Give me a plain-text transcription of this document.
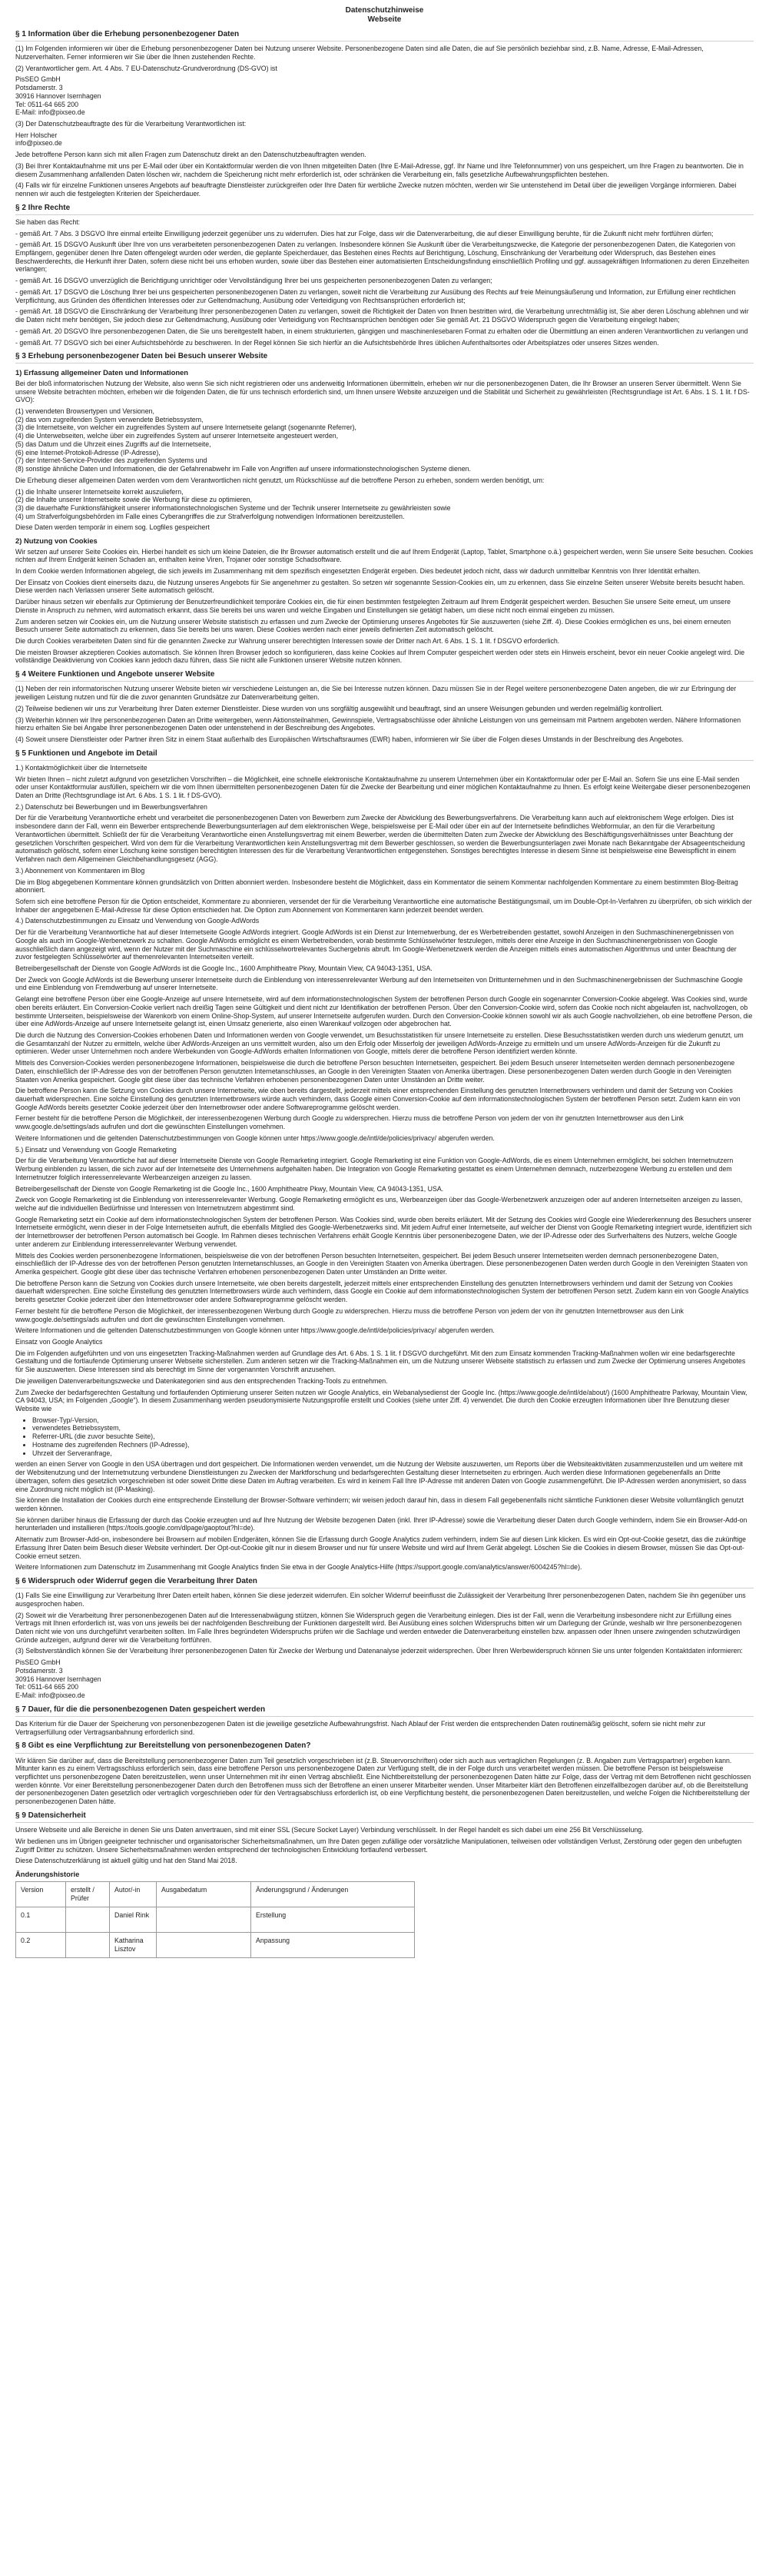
Datenschutzhinweise
Webseite
§ 1 Information über die Erhebung personenbezogener Daten

(1) Im Folgenden informieren wir über die Erhebung personenbezogener Daten bei Nutzung unserer Website. Personenbezogene Daten sind alle Daten, die auf Sie persönlich beziehbar sind, z.B. Name, Adresse, E-Mail-Adressen, Nutzerverhalten. Ferner informieren wir Sie über die Ihnen zustehenden Rechte.

(2) Verantwortlicher gem. Art. 4 Abs. 7 EU-Datenschutz-Grundverordnung (DS-GVO) ist

PisSEO GmbH

Potsdamerstr. 3

30916 Hannover Isernhagen

Tel: 0511-64 665 200

E-Mail: info@pixseo.de

(3) Der Datenschutzbeauftragte des für die Verarbeitung Verantwortlichen ist:

Herr Holscher

info@pixseo.de

Jede betroffene Person kann sich mit allen Fragen zum Datenschutz direkt an den Datenschutzbeauftragten wenden.

(3) Bei Ihrer Kontaktaufnahme mit uns per E-Mail oder über ein Kontaktformular werden die von Ihnen mitgeteilten Daten (Ihre E-Mail-Adresse, ggf. Ihr Name und Ihre Telefonnummer) von uns gespeichert, um Ihre Fragen zu beantworten. Die in diesem Zusammenhang anfallenden Daten löschen wir, nachdem die Speicherung nicht mehr erforderlich ist, oder schränken die Verarbeitung ein, falls gesetzliche Aufbewahrungspflichten bestehen.

(4) Falls wir für einzelne Funktionen unseres Angebots auf beauftragte Dienstleister zurückgreifen oder Ihre Daten für werbliche Zwecke nutzen möchten, werden wir Sie untenstehend im Detail über die jeweiligen Vorgänge informieren. Dabei nennen wir auch die festgelegten Kriterien der Speicherdauer.

§ 2 Ihre Rechte

Sie haben das Recht:

- gemäß Art. 7 Abs. 3 DSGVO Ihre einmal erteilte Einwilligung jederzeit gegenüber uns zu widerrufen. Dies hat zur Folge, dass wir die Datenverarbeitung, die auf dieser Einwilligung beruhte, für die Zukunft nicht mehr fortführen dürfen;

- gemäß Art. 15 DSGVO Auskunft über Ihre von uns verarbeiteten personenbezogenen Daten zu verlangen. Insbesondere können Sie Auskunft über die Verarbeitungszwecke, die Kategorie der personenbezogenen Daten, die Kategorien von Empfängern, gegenüber denen Ihre Daten offengelegt wurden oder werden, die geplante Speicherdauer, das Bestehen eines Rechts auf Berichtigung, Löschung, Einschränkung der Verarbeitung oder Widerspruch, das Bestehen eines Beschwerderechts, die Herkunft ihrer Daten, sofern diese nicht bei uns erhoben wurden, sowie über das Bestehen einer automatisierten Entscheidungsfindung einschließlich Profiling und ggf. aussagekräftigen Informationen zu deren Einzelheiten verlangen;

- gemäß Art. 16 DSGVO unverzüglich die Berichtigung unrichtiger oder Vervollständigung Ihrer bei uns gespeicherten personenbezogenen Daten zu verlangen;

- gemäß Art. 17 DSGVO die Löschung Ihrer bei uns gespeicherten personenbezogenen Daten zu verlangen, soweit nicht die Verarbeitung zur Ausübung des Rechts auf freie Meinungsäußerung und Information, zur Erfüllung einer rechtlichen Verpflichtung, aus Gründen des öffentlichen Interesses oder zur Geltendmachung, Ausübung oder Verteidigung von Rechtsansprüchen erforderlich ist;

- gemäß Art. 18 DSGVO die Einschränkung der Verarbeitung Ihrer personenbezogenen Daten zu verlangen, soweit die Richtigkeit der Daten von Ihnen bestritten wird, die Verarbeitung unrechtmäßig ist, Sie aber deren Löschung ablehnen und wir die Daten nicht mehr benötigen, Sie jedoch diese zur Geltendmachung, Ausübung oder Verteidigung von Rechtsansprüchen benötigen oder Sie gemäß Art. 21 DSGVO Widerspruch gegen die Verarbeitung eingelegt haben;

- gemäß Art. 20 DSGVO Ihre personenbezogenen Daten, die Sie uns bereitgestellt haben, in einem strukturierten, gängigen und maschinenlesebaren Format zu erhalten oder die Übermittlung an einen anderen Verantwortlichen zu verlangen und

- gemäß Art. 77 DSGVO sich bei einer Aufsichtsbehörde zu beschweren. In der Regel können Sie sich hierfür an die Aufsichtsbehörde Ihres üblichen Aufenthaltsortes oder Arbeitsplatzes oder unseres Sitzes wenden.

§ 3 Erhebung personenbezogener Daten bei Besuch unserer Website
1) Erfassung allgemeiner Daten und Informationen

Bei der bloß informatorischen Nutzung der Website, also wenn Sie sich nicht registrieren oder uns anderweitig Informationen übermitteln, erheben wir nur die personenbezogenen Daten, die Ihr Browser an unseren Server übermittelt. Wenn Sie unsere Website betrachten möchten, erheben wir die folgenden Daten, die für uns technisch erforderlich sind, um Ihnen unsere Website anzuzeigen und die Stabilität und Sicherheit zu gewährleisten (Rechtsgrundlage ist Art. 6 Abs. 1 S. 1 lit. f DS-GVO):

(1) verwendeten Browsertypen und Versionen,
(2) das vom zugreifenden System verwendete Betriebssystem,
(3) die Internetseite, von welcher ein zugreifendes System auf unsere Internetseite gelangt (sogenannte Referrer),
(4) die Unterwebseiten, welche über ein zugreifendes System auf unserer Internetseite angesteuert werden,
(5) das Datum und die Uhrzeit eines Zugriffs auf die Internetseite,
(6) eine Internet-Protokoll-Adresse (IP-Adresse),
(7) der Internet-Service-Provider des zugreifenden Systems und
(8) sonstige ähnliche Daten und Informationen, die der Gefahrenabwehr im Falle von Angriffen auf unsere informationstechnologischen Systeme dienen.

Die Erhebung dieser allgemeinen Daten werden vom dem Verantwortlichen nicht genutzt, um Rückschlüsse auf die betroffene Person zu erheben, sondern werden benötigt, um:

(1) die Inhalte unserer Internetseite korrekt auszuliefern,
(2) die Inhalte unserer Internetseite sowie die Werbung für diese zu optimieren,
(3) die dauerhafte Funktionsfähigkeit unserer informationstechnologischen Systeme und der Technik unserer Internetseite zu gewährleisten sowie
(4) um Strafverfolgungsbehörden im Falle eines Cyberangriffes die zur Strafverfolgung notwendigen Informationen bereitzustellen.

Diese Daten werden temporär in einem sog. Logfiles gespeichert

2) Nutzung von Cookies

Wir setzen auf unserer Seite Cookies ein. Hierbei handelt es sich um kleine Dateien, die Ihr Browser automatisch erstellt und die auf Ihrem Endgerät (Laptop, Tablet, Smartphone o.ä.) gespeichert werden, wenn Sie unsere Seite besuchen. Cookies richten auf Ihrem Endgerät keinen Schaden an, enthalten keine Viren, Trojaner oder sonstige Schadsoftware.

In dem Cookie werden Informationen abgelegt, die sich jeweils im Zusammenhang mit dem spezifisch eingesetzten Endgerät ergeben. Dies bedeutet jedoch nicht, dass wir dadurch unmittelbar Kenntnis von Ihrer Identität erhalten.

Der Einsatz von Cookies dient einerseits dazu, die Nutzung unseres Angebots für Sie angenehmer zu gestalten. So setzen wir sogenannte Session-Cookies ein, um zu erkennen, dass Sie einzelne Seiten unserer Website bereits besucht haben. Diese werden nach Verlassen unserer Seite automatisch gelöscht.

Darüber hinaus setzen wir ebenfalls zur Optimierung der Benutzerfreundlichkeit temporäre Cookies ein, die für einen bestimmten festgelegten Zeitraum auf Ihrem Endgerät gespeichert werden. Besuchen Sie unsere Seite erneut, um unsere Dienste in Anspruch zu nehmen, wird automatisch erkannt, dass Sie bereits bei uns waren und welche Eingaben und Einstellungen sie getätigt haben, um diese nicht noch einmal eingeben zu müssen.

Zum anderen setzen wir Cookies ein, um die Nutzung unserer Website statistisch zu erfassen und zum Zwecke der Optimierung unseres Angebotes für Sie auszuwerten (siehe Ziff. 4). Diese Cookies ermöglichen es uns, bei einem erneuten Besuch unserer Seite automatisch zu erkennen, dass Sie bereits bei uns waren. Diese Cookies werden nach einer jeweils definierten Zeit automatisch gelöscht.

Die durch Cookies verarbeiteten Daten sind für die genannten Zwecke zur Wahrung unserer berechtigten Interessen sowie der Dritter nach Art. 6 Abs. 1 S. 1 lit. f DSGVO erforderlich.

Die meisten Browser akzeptieren Cookies automatisch. Sie können Ihren Browser jedoch so konfigurieren, dass keine Cookies auf Ihrem Computer gespeichert werden oder stets ein Hinweis erscheint, bevor ein neuer Cookie angelegt wird. Die vollständige Deaktivierung von Cookies kann jedoch dazu führen, dass Sie nicht alle Funktionen unserer Website nutzen können.

§ 4 Weitere Funktionen und Angebote unserer Website

(1) Neben der rein informatorischen Nutzung unserer Website bieten wir verschiedene Leistungen an, die Sie bei Interesse nutzen können. Dazu müssen Sie in der Regel weitere personenbezogene Daten angeben, die wir zur Erbringung der jeweiligen Leistung nutzen und für die die zuvor genannten Grundsätze zur Datenverarbeitung gelten.

(2) Teilweise bedienen wir uns zur Verarbeitung Ihrer Daten externer Dienstleister. Diese wurden von uns sorgfältig ausgewählt und beauftragt, sind an unsere Weisungen gebunden und werden regelmäßig kontrolliert.

(3) Weiterhin können wir Ihre personenbezogenen Daten an Dritte weitergeben, wenn Aktionsteilnahmen, Gewinnspiele, Vertragsabschlüsse oder ähnliche Leistungen von uns gemeinsam mit Partnern angeboten werden. Nähere Informationen hierzu erhalten Sie bei Angabe Ihrer personenbezogenen Daten oder untenstehend in der Beschreibung des Angebotes.

(4) Soweit unsere Dienstleister oder Partner ihren Sitz in einem Staat außerhalb des Europäischen Wirtschaftsraumes (EWR) haben, informieren wir Sie über die Folgen dieses Umstands in der Beschreibung des Angebotes.

§ 5 Funktionen und Angebote im Detail

1.) Kontaktmöglichkeit über die Internetseite

Wir bieten Ihnen – nicht zuletzt aufgrund von gesetzlichen Vorschriften – die Möglichkeit, eine schnelle elektronische Kontaktaufnahme zu unserem Unternehmen über ein Kontaktformular oder per E-Mail an. Sofern Sie uns eine E-Mail senden oder unser Kontaktformular ausfüllen, speichern wir die vom Ihnen übermittelten personenbezogenen Daten für die Zwecke der Bearbeitung und einer möglichen Kontaktaufnahme zu Ihnen. Es erfolgt keine Weitergabe dieser personenbezogenen Daten an Dritte (Rechtsgrundlage ist Art. 6 Abs. 1 S. 1 lit. f DS-GVO).

2.) Datenschutz bei Bewerbungen und im Bewerbungsverfahren

Der für die Verarbeitung Verantwortliche erhebt und verarbeitet die personenbezogenen Daten von Bewerbern zum Zwecke der Abwicklung des Bewerbungsverfahrens. Die Verarbeitung kann auch auf elektronischem Wege erfolgen. Dies ist insbesondere dann der Fall, wenn ein Bewerber entsprechende Bewerbungsunterlagen auf dem elektronischen Wege, beispielsweise per E-Mail oder über ein auf der Internetseite befindliches Webformular, an den für die Verarbeitung Verantwortlichen übermittelt. Schließt der für die Verarbeitung Verantwortliche einen Anstellungsvertrag mit einem Bewerber, werden die übermittelten Daten zum Zwecke der Abwicklung des Beschäftigungsverhältnisses unter Beachtung der gesetzlichen Vorschriften gespeichert. Wird von dem für die Verarbeitung Verantwortlichen kein Anstellungsvertrag mit dem Bewerber geschlossen, so werden die Bewerbungsunterlagen zwei Monate nach Bekanntgabe der Absageentscheidung automatisch gelöscht, sofern einer Löschung keine sonstigen berechtigten Interessen des für die Verarbeitung Verantwortlichen entgegenstehen. Sonstiges berechtigtes Interesse in diesem Sinne ist beispielsweise eine Beweispflicht in einem Verfahren nach dem Allgemeinen Gleichbehandlungsgesetz (AGG).

3.) Abonnement von Kommentaren im Blog

Die im Blog abgegebenen Kommentare können grundsätzlich von Dritten abonniert werden. Insbesondere besteht die Möglichkeit, dass ein Kommentator die seinem Kommentar nachfolgenden Kommentare zu einem bestimmten Blog-Beitrag abonniert.

Sofern sich eine betroffene Person für die Option entscheidet, Kommentare zu abonnieren, versendet der für die Verarbeitung Verantwortliche eine automatische Bestätigungsmail, um im Double-Opt-In-Verfahren zu überprüfen, ob sich wirklich der Inhaber der angegebenen E-Mail-Adresse für diese Option entschieden hat. Die Option zum Abonnement von Kommentaren kann jederzeit beendet werden.

4.) Datenschutzbestimmungen zu Einsatz und Verwendung von Google-AdWords

Der für die Verarbeitung Verantwortliche hat auf dieser Internetseite Google AdWords integriert. Google AdWords ist ein Dienst zur Internetwerbung, der es Werbetreibenden gestattet, sowohl Anzeigen in den Suchmaschinenergebnissen von Google als auch im Google-Werbenetzwerk zu schalten. Google AdWords ermöglicht es einem Werbetreibenden, vorab bestimmte Schlüsselwörter festzulegen, mittels derer eine Anzeige in den Suchmaschinenergebnissen von Google ausschließlich dann angezeigt wird, wenn der Nutzer mit der Suchmaschine ein schlüsselwortrelevantes Suchergebnis abruft. Im Google-Werbenetzwerk werden die Anzeigen mittels eines automatischen Algorithmus und unter Beachtung der zuvor festgelegten Schlüsselwörter auf themenrelevanten Internetseiten verteilt.

Betreibergesellschaft der Dienste von Google AdWords ist die Google Inc., 1600 Amphitheatre Pkwy, Mountain View, CA 94043-1351, USA.

Der Zweck von Google AdWords ist die Bewerbung unserer Internetseite durch die Einblendung von interessenrelevanter Werbung auf den Internetseiten von Drittunternehmen und in den Suchmaschinenergebnissen der Suchmaschine Google und eine Einblendung von Fremdwerbung auf unserer Internetseite.

Gelangt eine betroffene Person über eine Google-Anzeige auf unsere Internetseite, wird auf dem informationstechnologischen System der betroffenen Person durch Google ein sogenannter Conversion-Cookie abgelegt. Was Cookies sind, wurde oben bereits erläutert. Ein Conversion-Cookie verliert nach dreißig Tagen seine Gültigkeit und dient nicht zur Identifikation der betroffenen Person. Über den Conversion-Cookie wird, sofern das Cookie noch nicht abgelaufen ist, nachvollzogen, ob bestimmte Unterseiten, beispielsweise der Warenkorb von einem Online-Shop-System, auf unserer Internetseite aufgerufen wurden. Durch den Conversion-Cookie können sowohl wir als auch Google nachvollziehen, ob eine betroffene Person, die über eine AdWords-Anzeige auf unsere Internetseite gelangt ist, einen Umsatz generierte, also einen Warenkauf vollzogen oder abgebrochen hat.

Die durch die Nutzung des Conversion-Cookies erhobenen Daten und Informationen werden von Google verwendet, um Besuchsstatistiken für unsere Internetseite zu erstellen. Diese Besuchsstatistiken werden durch uns wiederum genutzt, um die Gesamtanzahl der Nutzer zu ermitteln, welche über AdWords-Anzeigen an uns vermittelt wurden, also um den Erfolg oder Misserfolg der jeweiligen AdWords-Anzeige zu ermitteln und um unsere AdWords-Anzeigen für die Zukunft zu optimieren. Weder unser Unternehmen noch andere Werbekunden von Google-AdWords erhalten Informationen von Google, mittels derer die betroffene Person identifiziert werden könnte.

Mittels des Conversion-Cookies werden personenbezogene Informationen, beispielsweise die durch die betroffene Person besuchten Internetseiten, gespeichert. Bei jedem Besuch unserer Internetseiten werden demnach personenbezogene Daten, einschließlich der IP-Adresse des von der betroffenen Person genutzten Internetanschlusses, an Google in den Vereinigten Staaten von Amerika übertragen. Diese personenbezogenen Daten werden durch Google in den Vereinigten Staaten von Amerika gespeichert. Google gibt diese über das technische Verfahren erhobenen personenbezogenen Daten unter Umständen an Dritte weiter.

Die betroffene Person kann die Setzung von Cookies durch unsere Internetseite, wie oben bereits dargestellt, jederzeit mittels einer entsprechenden Einstellung des genutzten Internetbrowsers verhindern und damit der Setzung von Cookies dauerhaft widersprechen. Eine solche Einstellung des genutzten Internetbrowsers würde auch verhindern, dass Google einen Conversion-Cookie auf dem informationstechnologischen System der betroffenen Person setzt. Zudem kann ein von Google AdWords bereits gesetzter Cookie jederzeit über den Internetbrowser oder andere Softwareprogramme gelöscht werden.

Ferner besteht für die betroffene Person die Möglichkeit, der interessenbezogenen Werbung durch Google zu widersprechen. Hierzu muss die betroffene Person von jedem der von ihr genutzten Internetbrowser aus den Link www.google.de/settings/ads aufrufen und dort die gewünschten Einstellungen vornehmen.

Weitere Informationen und die geltenden Datenschutzbestimmungen von Google können unter https://www.google.de/intl/de/policies/privacy/ abgerufen werden.

5.) Einsatz und Verwendung von Google Remarketing

Der für die Verarbeitung Verantwortliche hat auf dieser Internetseite Dienste von Google Remarketing integriert. Google Remarketing ist eine Funktion von Google-AdWords, die es einem Unternehmen ermöglicht, bei solchen Internetnutzern Werbung einblenden zu lassen, die sich zuvor auf der Internetseite des Unternehmens aufgehalten haben. Die Integration von Google Remarketing gestattet es einem Unternehmen demnach, nutzerbezogene Werbung zu erstellen und dem Internetnutzer folglich interessenrelevante Werbeanzeigen anzeigen zu lassen.

Betreibergesellschaft der Dienste von Google Remarketing ist die Google Inc., 1600 Amphitheatre Pkwy, Mountain View, CA 94043-1351, USA.

Zweck von Google Remarketing ist die Einblendung von interessenrelevanter Werbung. Google Remarketing ermöglicht es uns, Werbeanzeigen über das Google-Werbenetzwerk anzuzeigen oder auf anderen Internetseiten anzeigen zu lassen, welche auf die individuellen Bedürfnisse und Interessen von Internetnutzern abgestimmt sind.

Google Remarketing setzt ein Cookie auf dem informationstechnologischen System der betroffenen Person. Was Cookies sind, wurde oben bereits erläutert. Mit der Setzung des Cookies wird Google eine Wiedererkennung des Besuchers unserer Internetseite ermöglicht, wenn dieser in der Folge Internetseiten aufruft, die ebenfalls Mitglied des Google-Werbenetzwerks sind. Mit jedem Aufruf einer Internetseite, auf welcher der Dienst von Google Remarketing integriert wurde, identifiziert sich der Internetbrowser der betroffenen Person automatisch bei Google. Im Rahmen dieses technischen Verfahrens erhält Google Kenntnis über personenbezogene Daten, wie der IP-Adresse oder des Surfverhaltens des Nutzers, welche Google unter anderem zur Einblendung interessenrelevanter Werbung verwendet.

Mittels des Cookies werden personenbezogene Informationen, beispielsweise die von der betroffenen Person besuchten Internetseiten, gespeichert. Bei jedem Besuch unserer Internetseiten werden demnach personenbezogene Daten, einschließlich der IP-Adresse des von der betroffenen Person genutzten Internetanschlusses, an Google in den Vereinigten Staaten von Amerika übertragen. Diese personenbezogenen Daten werden durch Google in den Vereinigten Staaten von Amerika gespeichert. Google gibt diese über das technische Verfahren erhobenen personenbezogenen Daten unter Umständen an Dritte weiter.

Die betroffene Person kann die Setzung von Cookies durch unsere Internetseite, wie oben bereits dargestellt, jederzeit mittels einer entsprechenden Einstellung des genutzten Internetbrowsers verhindern und damit der Setzung von Cookies dauerhaft widersprechen. Eine solche Einstellung des genutzten Internetbrowsers würde auch verhindern, dass Google ein Cookie auf dem informationstechnologischen System der betroffenen Person setzt. Zudem kann ein von Google Analytics bereits gesetzter Cookie jederzeit über den Internetbrowser oder andere Softwareprogramme gelöscht werden.

Ferner besteht für die betroffene Person die Möglichkeit, der interessenbezogenen Werbung durch Google zu widersprechen. Hierzu muss die betroffene Person von jedem der von ihr genutzten Internetbrowser aus den Link www.google.de/settings/ads aufrufen und dort die gewünschten Einstellungen vornehmen.

Weitere Informationen und die geltenden Datenschutzbestimmungen von Google können unter https://www.google.de/intl/de/policies/privacy/ abgerufen werden.

Einsatz von Google Analytics

Die im Folgenden aufgeführten und von uns eingesetzten Tracking-Maßnahmen werden auf Grundlage des Art. 6 Abs. 1 S. 1 lit. f DSGVO durchgeführt. Mit den zum Einsatz kommenden Tracking-Maßnahmen wollen wir eine bedarfsgerechte Gestaltung und die fortlaufende Optimierung unserer Webseite sicherstellen. Zum anderen setzen wir die Tracking-Maßnahmen ein, um die Nutzung unserer Webseite statistisch zu erfassen und zum Zwecke der Optimierung unseres Angebotes für Sie auszuwerten. Diese Interessen sind als berechtigt im Sinne der vorgenannten Vorschrift anzusehen.

Die jeweiligen Datenverarbeitungszwecke und Datenkategorien sind aus den entsprechenden Tracking-Tools zu entnehmen.

Zum Zwecke der bedarfsgerechten Gestaltung und fortlaufenden Optimierung unserer Seiten nutzen wir Google Analytics, ein Webanalysedienst der Google Inc. (https://www.google.de/intl/de/about/) (1600 Amphitheatre Parkway, Mountain View, CA 94043, USA; im Folgenden „Google“). In diesem Zusammenhang werden pseudonymisierte Nutzungsprofile erstellt und Cookies (siehe unter Ziff. 4) verwendet. Die durch den Cookie erzeugten Informationen über Ihre Benutzung dieser Website wie

• Browser-Typ/-Version,
• verwendetes Betriebssystem,
• Referrer-URL (die zuvor besuchte Seite),
• Hostname des zugreifenden Rechners (IP-Adresse),
• Uhrzeit der Serveranfrage,

werden an einen Server von Google in den USA übertragen und dort gespeichert. Die Informationen werden verwendet, um die Nutzung der Website auszuwerten, um Reports über die Websiteaktivitäten zusammenzustellen und um weitere mit der Websitenutzung und der Internetnutzung verbundene Dienstleistungen zu Zwecken der Marktforschung und bedarfsgerechten Gestaltung dieser Internetseiten zu erbringen. Auch werden diese Informationen gegebenenfalls an Dritte übertragen, sofern dies gesetzlich vorgeschrieben ist oder soweit Dritte diese Daten im Auftrag verarbeiten. Es wird in keinem Fall Ihre IP-Adresse mit anderen Daten von Google zusammengeführt. Die IP-Adressen werden anonymisiert, so dass eine Zuordnung nicht möglich ist (IP-Masking).

Sie können die Installation der Cookies durch eine entsprechende Einstellung der Browser-Software verhindern; wir weisen jedoch darauf hin, dass in diesem Fall gegebenenfalls nicht sämtliche Funktionen dieser Website vollumfänglich genutzt werden können.

Sie können darüber hinaus die Erfassung der durch das Cookie erzeugten und auf Ihre Nutzung der Website bezogenen Daten (inkl. Ihrer IP-Adresse) sowie die Verarbeitung dieser Daten durch Google verhindern, indem Sie ein Browser-Add-on herunterladen und installieren (https://tools.google.com/dlpage/gaoptout?hl=de).

Alternativ zum Browser-Add-on, insbesondere bei Browsern auf mobilen Endgeräten, können Sie die Erfassung durch Google Analytics zudem verhindern, indem Sie auf diesen Link klicken. Es wird ein Opt-out-Cookie gesetzt, das die zukünftige Erfassung Ihrer Daten beim Besuch dieser Website verhindert. Der Opt-out-Cookie gilt nur in diesem Browser und nur für unsere Website und wird auf Ihrem Gerät abgelegt. Löschen Sie die Cookies in diesem Browser, müssen Sie das Opt-out-Cookie erneut setzen.

Weitere Informationen zum Datenschutz im Zusammenhang mit Google Analytics finden Sie etwa in der Google Analytics-Hilfe (https://support.google.com/analytics/answer/6004245?hl=de).

§ 6 Widerspruch oder Widerruf gegen die Verarbeitung Ihrer Daten

(1) Falls Sie eine Einwilligung zur Verarbeitung Ihrer Daten erteilt haben, können Sie diese jederzeit widerrufen. Ein solcher Widerruf beeinflusst die Zulässigkeit der Verarbeitung Ihrer personenbezogenen Daten, nachdem Sie ihn gegenüber uns ausgesprochen haben.

(2) Soweit wir die Verarbeitung Ihrer personenbezogenen Daten auf die Interessenabwägung stützen, können Sie Widerspruch gegen die Verarbeitung einlegen. Dies ist der Fall, wenn die Verarbeitung insbesondere nicht zur Erfüllung eines Vertrags mit Ihnen erforderlich ist, was von uns jeweils bei der nachfolgenden Beschreibung der Funktionen dargestellt wird. Bei Ausübung eines solchen Widerspruchs bitten wir um Darlegung der Gründe, weshalb wir Ihre personenbezogenen Daten nicht wie von uns durchgeführt verarbeiten sollten. Im Falle Ihres begründeten Widerspruchs prüfen wir die Sachlage und werden entweder die Datenverarbeitung einstellen bzw. anpassen oder Ihnen unsere zwingenden schutzwürdigen Gründe aufzeigen, aufgrund derer wir die Verarbeitung fortführen.

(3) Selbstverständlich können Sie der Verarbeitung Ihrer personenbezogenen Daten für Zwecke der Werbung und Datenanalyse jederzeit widersprechen. Über Ihren Werbewiderspruch können Sie uns unter folgenden Kontaktdaten informieren:

PisSEO GmbH

Potsdamerstr. 3

30916 Hannover Isernhagen

Tel: 0511-64 665 200

E-Mail: info@pixseo.de

§ 7 Dauer, für die die personenbezogenen Daten gespeichert werden

Das Kriterium für die Dauer der Speicherung von personenbezogenen Daten ist die jeweilige gesetzliche Aufbewahrungsfrist. Nach Ablauf der Frist werden die entsprechenden Daten routinemäßig gelöscht, sofern sie nicht mehr zur Vertragserfüllung oder Vertragsanbahnung erforderlich sind.

§ 8 Gibt es eine Verpflichtung zur Bereitstellung von personenbezogenen Daten?

Wir klären Sie darüber auf, dass die Bereitstellung personenbezogener Daten zum Teil gesetzlich vorgeschrieben ist (z.B. Steuervorschriften) oder sich auch aus vertraglichen Regelungen (z. B. Angaben zum Vertragspartner) ergeben kann. Mitunter kann es zu einem Vertragsschluss erforderlich sein, dass eine betroffene Person uns personenbezogene Daten zur Verfügung stellt, die in der Folge durch uns verarbeitet werden müssen. Die betroffene Person ist beispielsweise verpflichtet uns personenbezogene Daten bereitzustellen, wenn unser Unternehmen mit ihr einen Vertrag abschließt. Eine Nichtbereitstellung der personenbezogenen Daten hätte zur Folge, dass der Vertrag mit dem Betroffenen nicht geschlossen werden könnte. Vor einer Bereitstellung personenbezogener Daten durch den Betroffenen muss sich der Betroffene an einen unserer Mitarbeiter wenden. Unser Mitarbeiter klärt den Betroffenen einzelfallbezogen darüber auf, ob die Bereitstellung der personenbezogenen Daten gesetzlich oder vertraglich vorgeschrieben oder für den Vertragsabschluss erforderlich ist, ob eine Verpflichtung besteht, die personenbezogenen Daten bereitzustellen, und welche Folgen die Nichtbereitstellung der personenbezogenen Daten hätte.

§ 9 Datensicherheit

Unsere Webseite und alle Bereiche in denen Sie uns Daten anvertrauen, sind mit einer SSL (Secure Socket Layer) Verbindung verschlüsselt. In der Regel handelt es sich dabei um eine 256 Bit Verschlüsselung.

Wir bedienen uns im Übrigen geeigneter technischer und organisatorischer Sicherheitsmaßnahmen, um Ihre Daten gegen zufällige oder vorsätzliche Manipulationen, teilweisen oder vollständigen Verlust, Zerstörung oder gegen den unbefugten Zugriff Dritter zu schützen. Unsere Sicherheitsmaßnahmen werden entsprechend der technologischen Entwicklung fortlaufend verbessert.

Diese Datenschutzerklärung ist aktuell gültig und hat den Stand Mai 2018.

Änderungshistorie
Version	erstellt / Prüfer	Autor/-in	Ausgabedatum	Änderungsgrund / Änderungen
0.1		Daniel Rink		Erstellung
0.2		Katharina Lisztov		Anpassung
